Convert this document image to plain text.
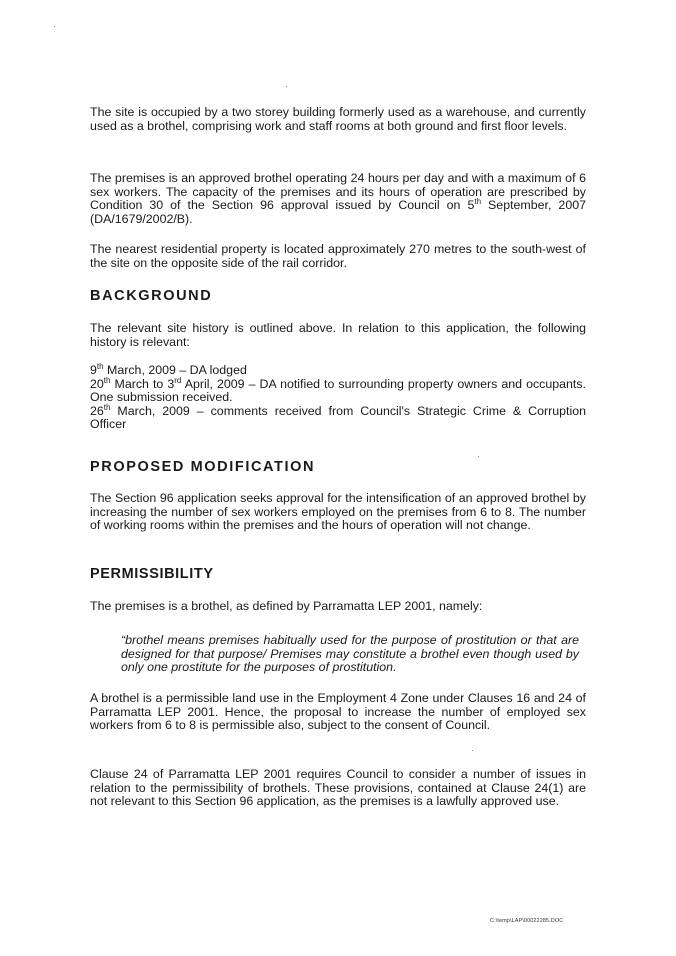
The site is occupied by a two storey building formerly used as a warehouse, and currently used as a brothel, comprising work and staff rooms at both ground and first floor levels.

The premises is an approved brothel operating 24 hours per day and with a maximum of 6 sex workers. The capacity of the premises and its hours of operation are prescribed by Condition 30 of the Section 96 approval issued by Council on 5th September, 2007 (DA/1679/2002/B).

The nearest residential property is located approximately 270 metres to the south-west of the site on the opposite side of the rail corridor.

BACKGROUND

The relevant site history is outlined above. In relation to this application, the following history is relevant:

9th March, 2009 – DA lodged
20th March to 3rd April, 2009 – DA notified to surrounding property owners and occupants. One submission received.
26th March, 2009 – comments received from Council's Strategic Crime & Corruption Officer
PROPOSED MODIFICATION

The Section 96 application seeks approval for the intensification of an approved brothel by increasing the number of sex workers employed on the premises from 6 to 8. The number of working rooms within the premises and the hours of operation will not change.

PERMISSIBILITY

The premises is a brothel, as defined by Parramatta LEP 2001, namely:

“brothel means premises habitually used for the purpose of prostitution or that are designed for that purpose/ Premises may constitute a brothel even though used by only one prostitute for the purposes of prostitution.

A brothel is a permissible land use in the Employment 4 Zone under Clauses 16 and 24 of Parramatta LEP 2001. Hence, the proposal to increase the number of employed sex workers from 6 to 8 is permissible also, subject to the consent of Council.

Clause 24 of Parramatta LEP 2001 requires Council to consider a number of issues in relation to the permissibility of brothels. These provisions, contained at Clause 24(1) are not relevant to this Section 96 application, as the premises is a lawfully approved use.

C:\temp\LAP\00022285.DOC
